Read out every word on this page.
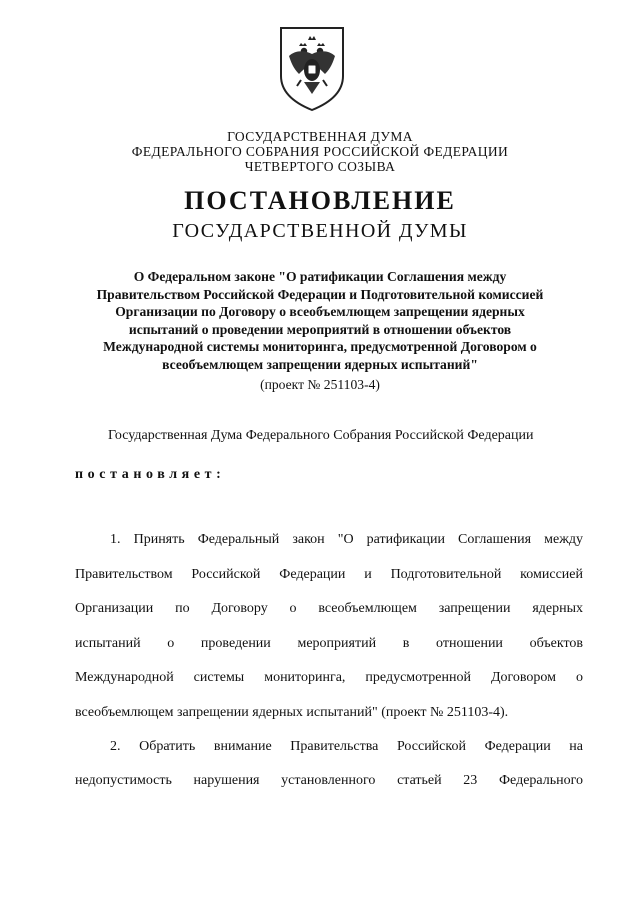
ГОСУДАРСТВЕННАЯ ДУМА
ФЕДЕРАЛЬНОГО СОБРАНИЯ РОССИЙСКОЙ ФЕДЕРАЦИИ
ЧЕТВЕРТОГО СОЗЫВА
ПОСТАНОВЛЕНИЕ
ГОСУДАРСТВЕННОЙ ДУМЫ
О Федеральном законе "О ратификации Соглашения между
Правительством Российской Федерации и Подготовительной комиссией
Организации по Договору о всеобъемлющем запрещении ядерных
испытаний о проведении мероприятий в отношении объектов
Международной системы мониторинга, предусмотренной Договором о
всеобъемлющем запрещении ядерных испытаний"
(проект № 251103-4)
Государственная Дума Федерального Собрания Российской Федерации
постановляет:
1. Принять Федеральный закон "О ратификации Соглашения между
Правительством Российской Федерации и Подготовительной комиссией
Организации по Договору о всеобъемлющем запрещении ядерных
испытаний о проведении мероприятий в отношении объектов
Международной системы мониторинга, предусмотренной Договором о
всеобъемлющем запрещении ядерных испытаний" (проект № 251103-4).
2. Обратить внимание Правительства Российской Федерации на
недопустимость нарушения установленного статьей 23 Федерального
